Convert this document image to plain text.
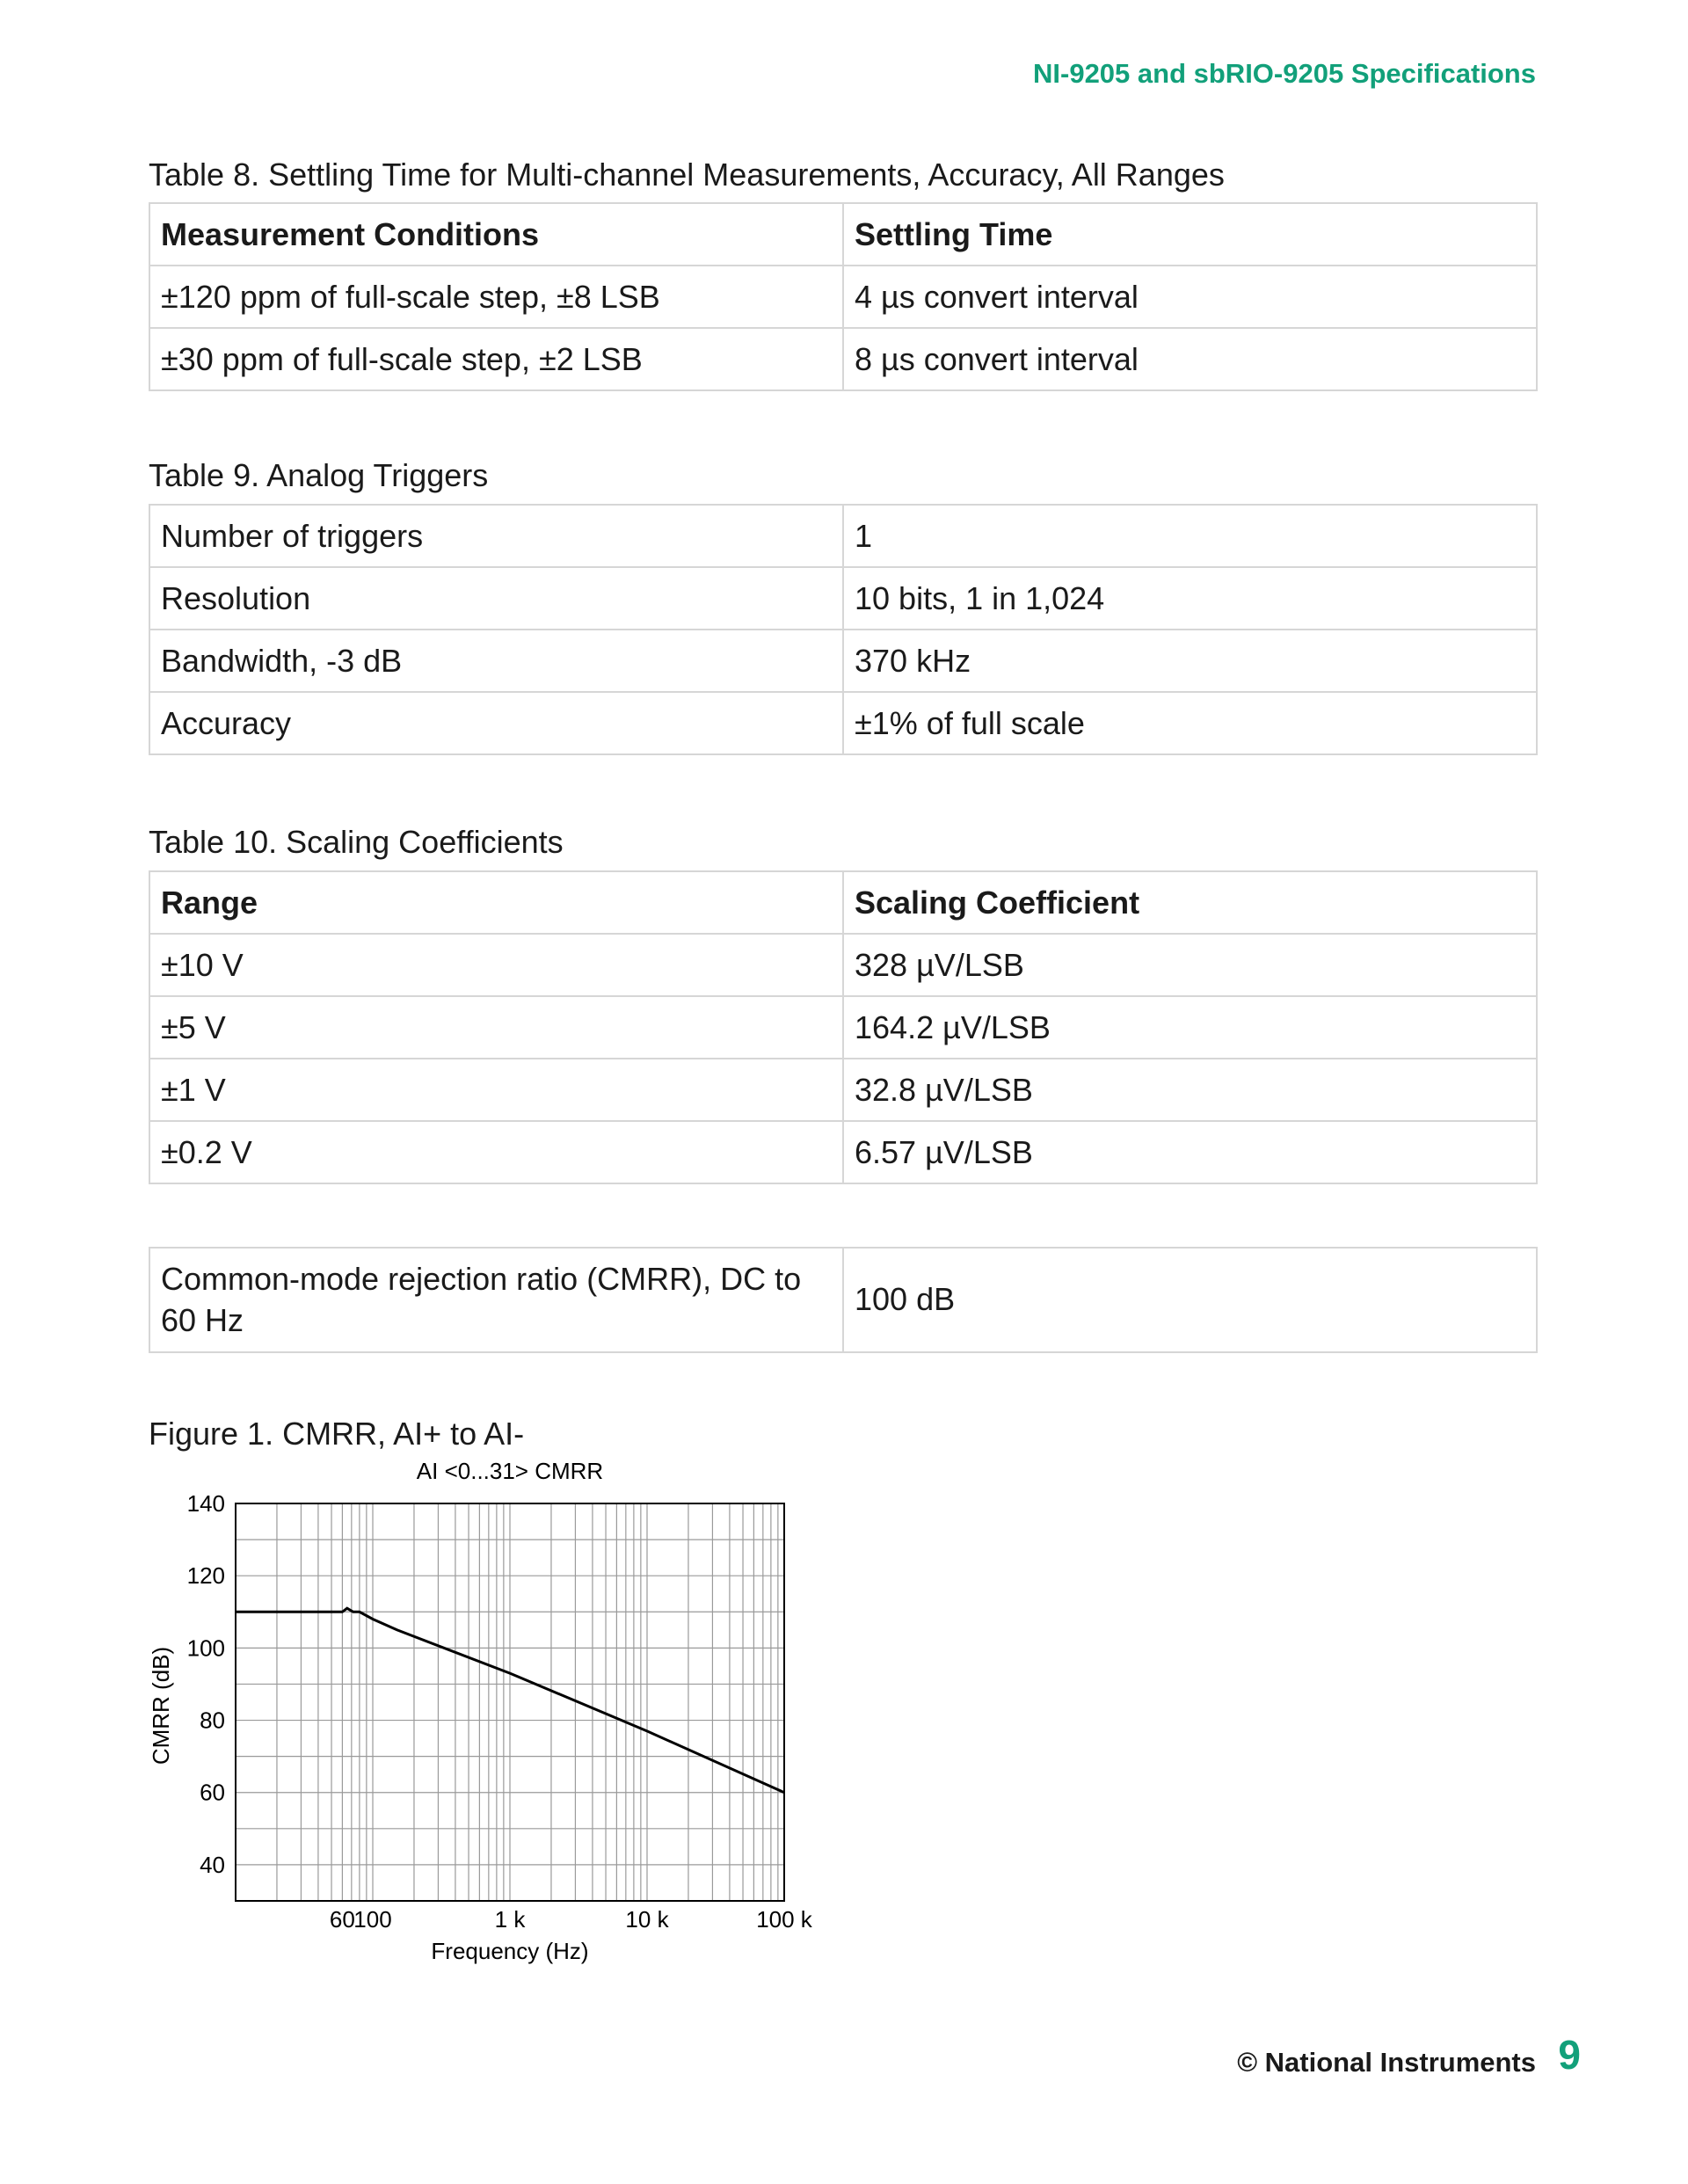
NI-9205 and sbRIO-9205 Specifications
Table 8. Settling Time for Multi-channel Measurements, Accuracy, All Ranges
Measurement Conditions	Settling Time
±120 ppm of full-scale step, ±8 LSB	4 µs convert interval
±30 ppm of full-scale step, ±2 LSB	8 µs convert interval
Table 9. Analog Triggers
Number of triggers	1
Resolution	10 bits, 1 in 1,024
Bandwidth, -3 dB	370 kHz
Accuracy	±1% of full scale
Table 10. Scaling Coefficients
Range	Scaling Coefficient
±10 V	328 µV/LSB
±5 V	164.2 µV/LSB
±1 V	32.8 µV/LSB
±0.2 V	6.57 µV/LSB
Common-mode rejection ratio (CMRR), DC to 60 Hz	100 dB
Figure 1. CMRR, AI+ to AI-
40
60
80
100
120
140
60
100	1 k	10 k	100 k
AI <0...31> CMRR
Frequency (Hz)
CMRR (dB)
© National Instruments 9
